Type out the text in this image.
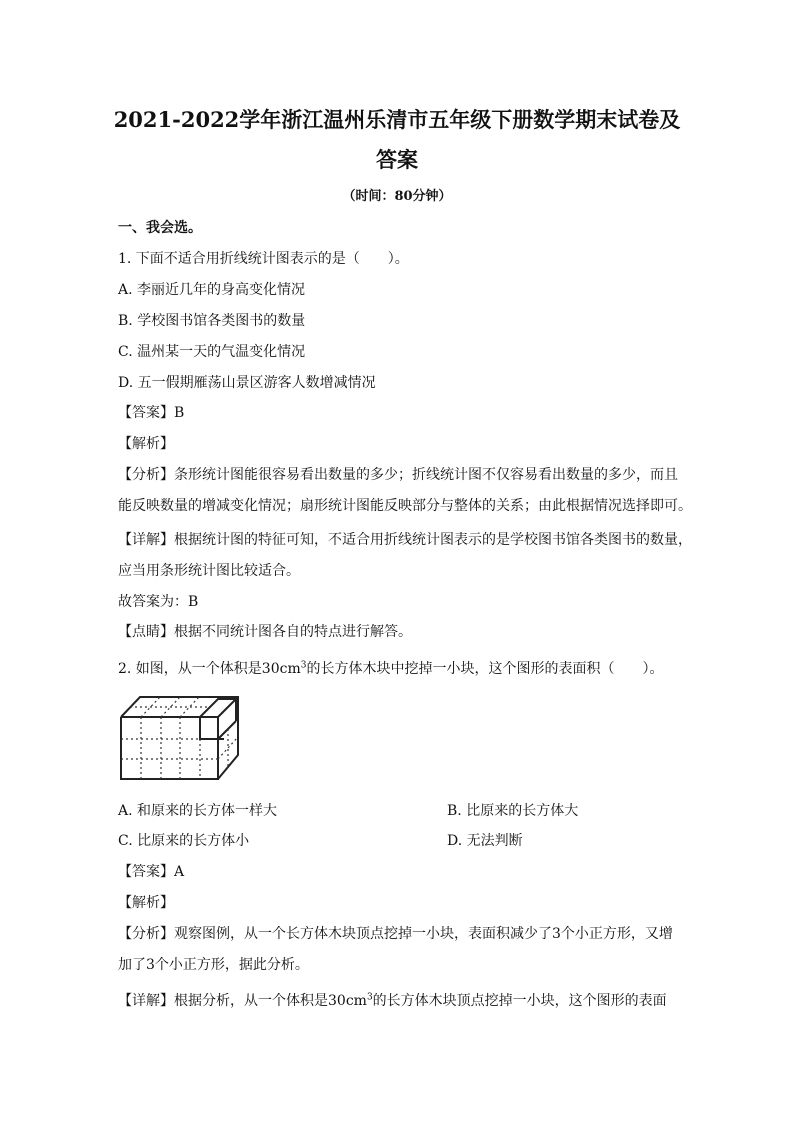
2021-2022学年浙江温州乐清市五年级下册数学期末试卷及
答案
（时间：80分钟）
一、我会选。
1. 下面不适合用折线统计图表示的是（　　）。
A. 李丽近几年的身高变化情况
B. 学校图书馆各类图书的数量
C. 温州某一天的气温变化情况
D. 五一假期雁荡山景区游客人数增减情况
【答案】B
【解析】
【分析】条形统计图能很容易看出数量的多少；折线统计图不仅容易看出数量的多少，而且
能反映数量的增减变化情况；扇形统计图能反映部分与整体的关系；由此根据情况选择即可。
【详解】根据统计图的特征可知，不适合用折线统计图表示的是学校图书馆各类图书的数量，
应当用条形统计图比较适合。
故答案为：B
【点睛】根据不同统计图各自的特点进行解答。
2. 如图，从一个体积是$30cm^3$的长方体木块中挖掉一小块，这个图形的表面积（　　）。
A. 和原来的长方体一样大	B. 比原来的长方体大
C. 比原来的长方体小	D. 无法判断
【答案】A
【解析】
【分析】观察图例，从一个长方体木块顶点挖掉一小块，表面积减少了3个小正方形，又增
加了3个小正方形，据此分析。
【详解】根据分析，从一个体积是$30cm^3$的长方体木块顶点挖掉一小块，这个图形的表面
